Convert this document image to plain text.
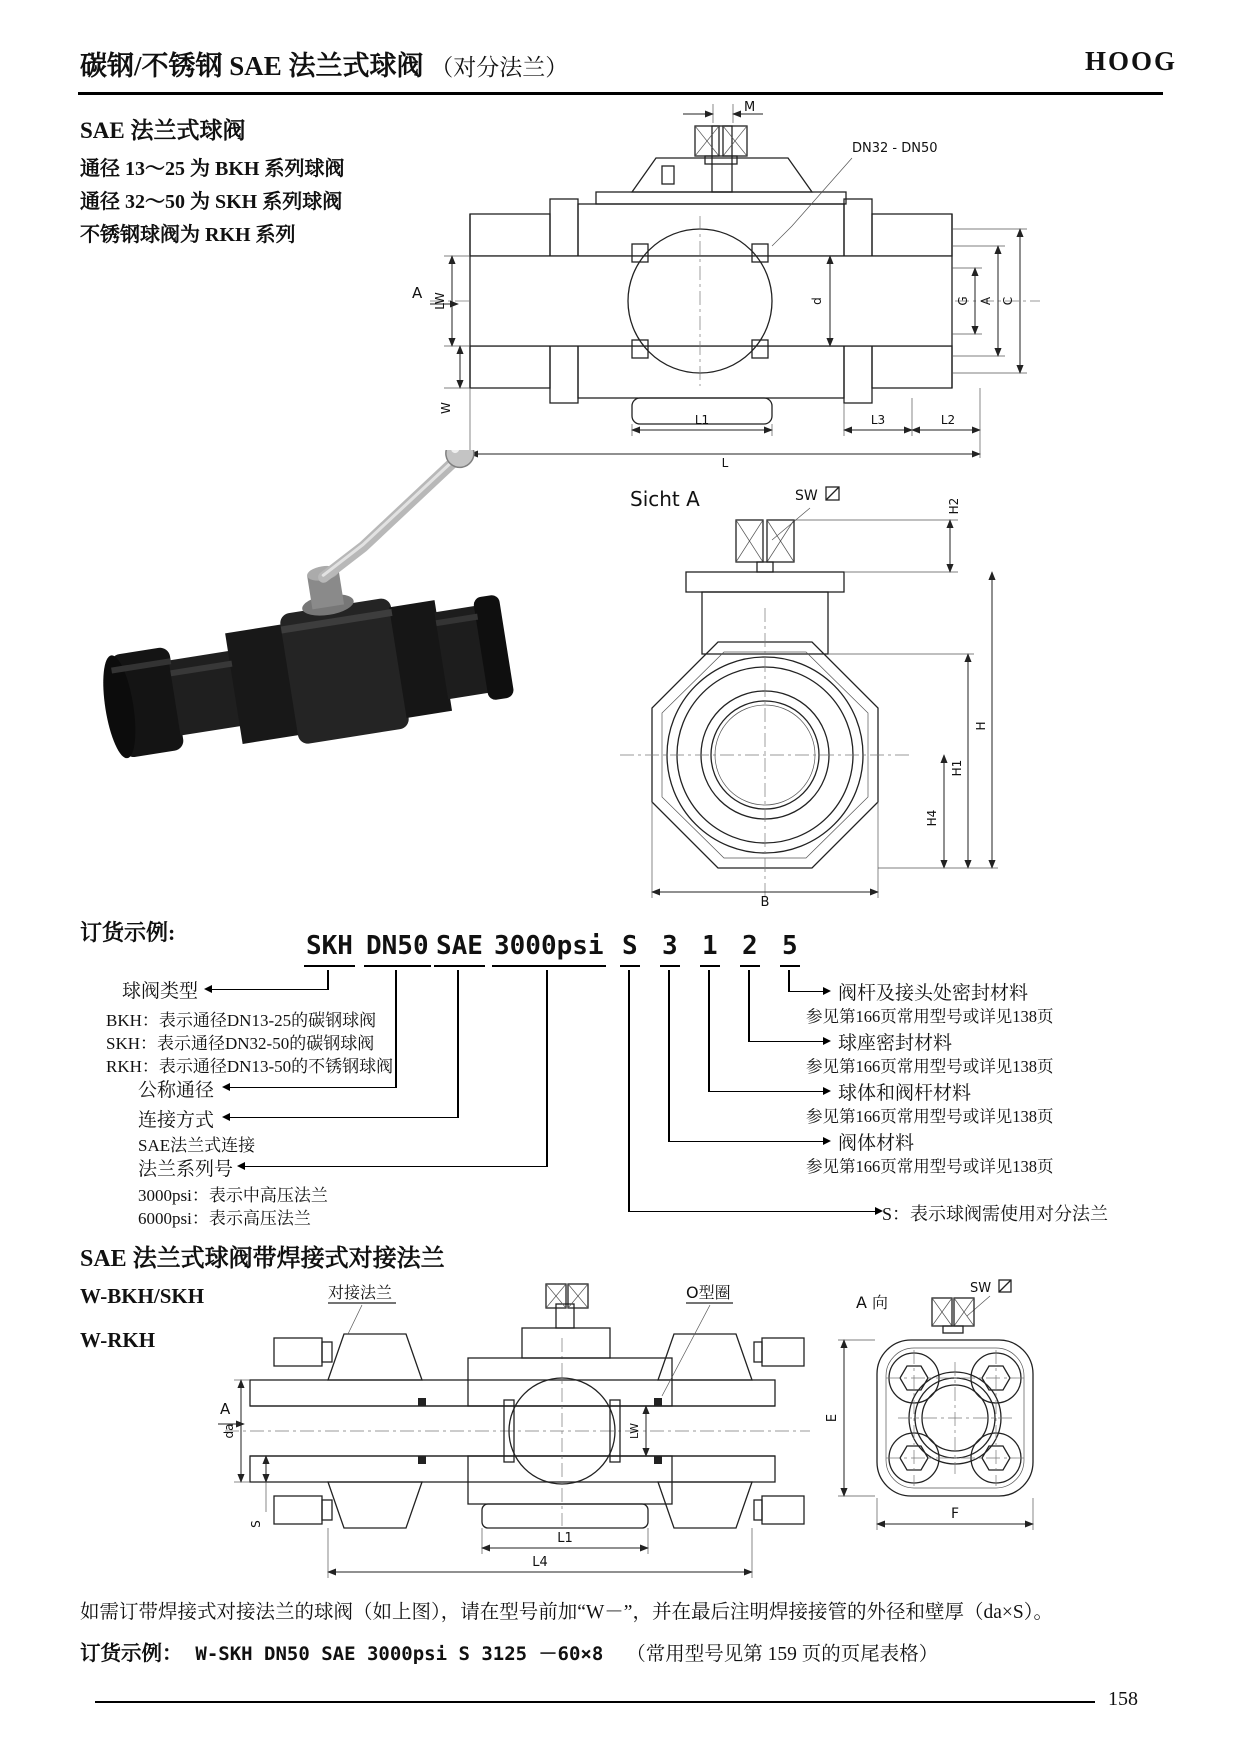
碳钢/不锈钢 SAE 法兰式球阀 （对分法兰）	HOOG
SAE 法兰式球阀
通径 13～25 为 BKH 系列球阀
通径 32～50 为 SKH 系列球阀
不锈钢球阀为 RKH 系列
M
DN32 - DN50
A LW
W
d	G A C
L1	L3	L2
L
Sicht A	SW
H2
H1
H4
H
B
订货示例:	SKH DN50 SAE 3000psi S 3 1 2 5
球阀类型
BKH：表示通径DN13-25的碳钢球阀
SKH：表示通径DN32-50的碳钢球阀
RKH：表示通径DN13-50的不锈钢球阀
公称通径
连接方式
SAE法兰式连接
法兰系列号
3000psi：表示中高压法兰
6000psi：表示高压法兰
阀杆及接头处密封材料
参见第166页常用型号或详见138页
球座密封材料
参见第166页常用型号或详见138页
球体和阀杆材料
参见第166页常用型号或详见138页
阀体材料
参见第166页常用型号或详见138页
S：表示球阀需使用对分法兰
SAE 法兰式球阀带焊接式对接法兰
W-BKH/SKH
W-RKH
对接法兰	O型圈
A
da
S
LW
L1
L4
A 向
SW
E
F
如需订带焊接式对接法兰的球阀（如上图），请在型号前加“W－”，并在最后注明焊接接管的外径和壁厚（da×S）。
订货示例： W-SKH DN50 SAE 3000psi S 3125 －60×8 （常用型号见第 159 页的页尾表格）
158
